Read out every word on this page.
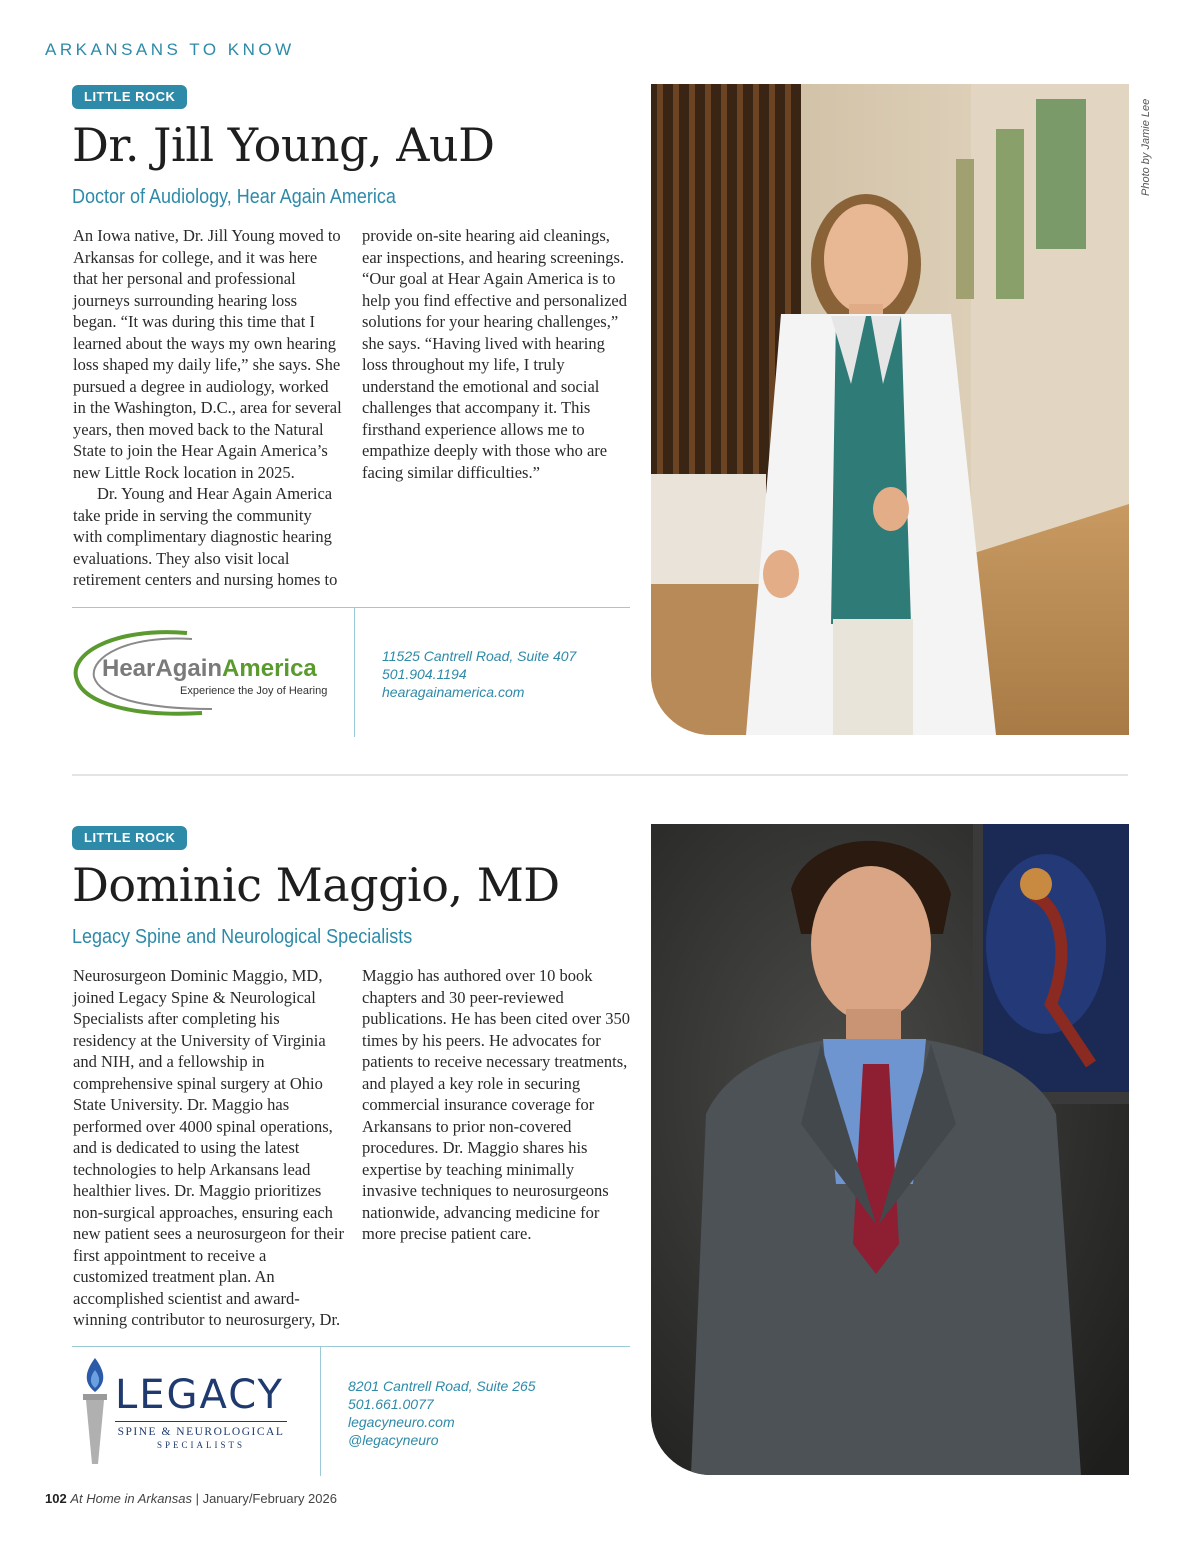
ARKANSANS TO KNOW
LITTLE ROCK
Dr. Jill Young, AuD
Doctor of Audiology, Hear Again America

An Iowa native, Dr. Jill Young moved to Arkansas for college, and it was here that her personal and professional journeys surrounding hearing loss began. “It was during this time that I learned about the ways my own hearing loss shaped my daily life,” she says. She pursued a degree in audiology, worked in the Washington, D.C., area for several years, then moved back to the Natural State to join the Hear Again America’s new Little Rock location in 2025.

Dr. Young and Hear Again America take pride in serving the community with complimentary diagnostic hearing evaluations. They also visit local retirement centers and nursing homes to provide on-site hearing aid cleanings, ear inspections, and hearing screenings. “Our goal at Hear Again America is to help you find effective and personalized solutions for your hearing challenges,” she says. “Having lived with hearing loss throughout my life, I truly understand the emotional and social challenges that accompany it. This firsthand experience allows me to empathize deeply with those who are facing similar difficulties.”

HearAgainAmerica
Experience the Joy of Hearing
11525 Cantrell Road, Suite 407
501.904.1194
hearagainamerica.com
Photo by Jamie Lee
LITTLE ROCK
Dominic Maggio, MD
Legacy Spine and Neurological Specialists

Neurosurgeon Dominic Maggio, MD, joined Legacy Spine & Neurological Specialists after completing his residency at the University of Virginia and NIH, and a fellowship in comprehensive spinal surgery at Ohio State University. Dr. Maggio has performed over 4000 spinal operations, and is dedicated to using the latest technologies to help Arkansans lead healthier lives. Dr. Maggio prioritizes non-surgical approaches, ensuring each new patient sees a neurosurgeon for their first appointment to receive a customized treatment plan. An accomplished scientist and award-winning contributor to neurosurgery, Dr. Maggio has authored over 10 book chapters and 30 peer-reviewed publications. He has been cited over 350 times by his peers. He advocates for patients to receive necessary treatments, and played a key role in securing commercial insurance coverage for Arkansans to prior non-covered procedures. Dr. Maggio shares his expertise by teaching minimally invasive techniques to neurosurgeons nationwide, advancing medicine for more precise patient care.

LEGACY
SPINE & NEUROLOGICAL
SPECIALISTS
8201 Cantrell Road, Suite 265
501.661.0077
legacyneuro.com
@legacyneuro
102 At Home in Arkansas | January/February 2026
